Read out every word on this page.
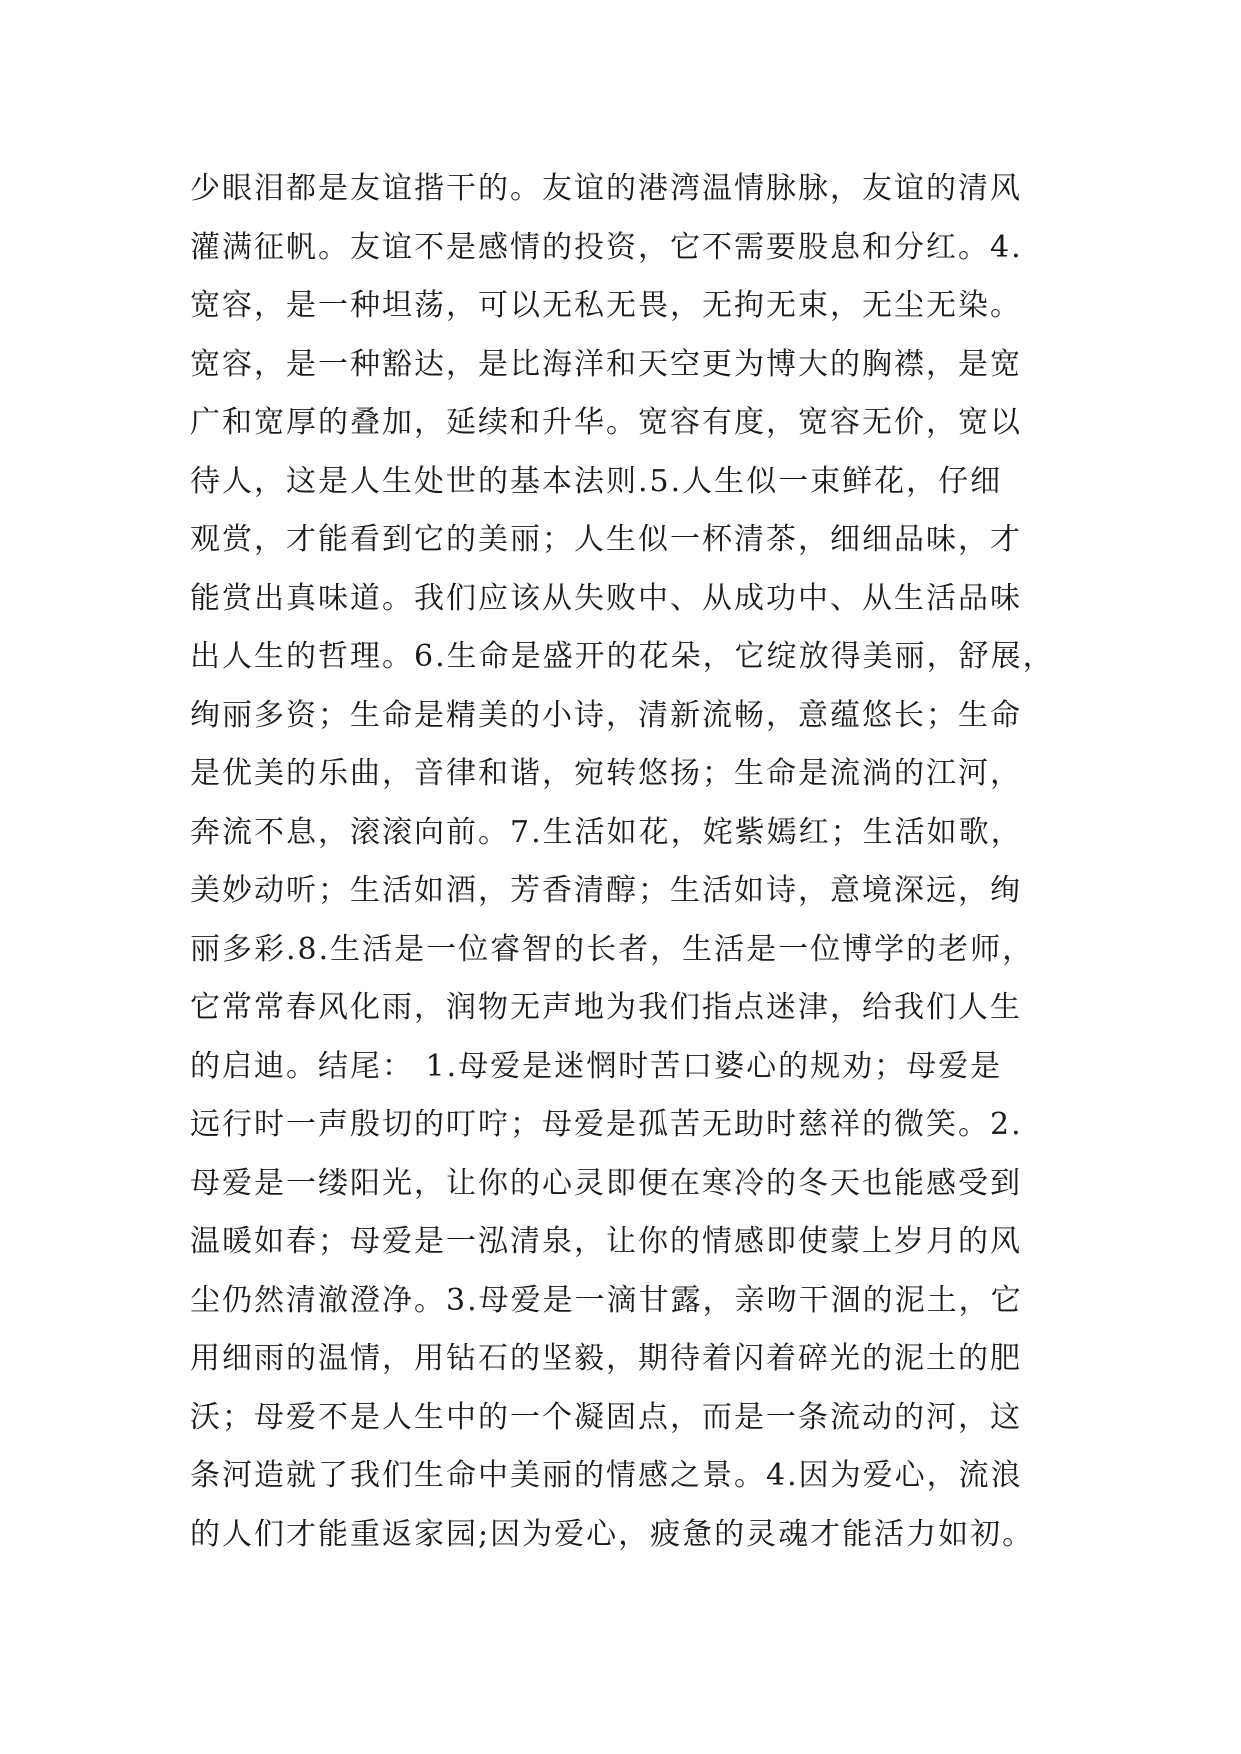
少眼泪都是友谊揩干的。友谊的港湾温情脉脉，友谊的清风
灌满征帆。友谊不是感情的投资，它不需要股息和分红。4.
宽容，是一种坦荡，可以无私无畏，无拘无束，无尘无染。
宽容，是一种豁达，是比海洋和天空更为博大的胸襟，是宽
广和宽厚的叠加，延续和升华。宽容有度，宽容无价，宽以
待人，这是人生处世的基本法则.5.人生似一束鲜花，仔细
观赏，才能看到它的美丽；人生似一杯清茶，细细品味，才
能赏出真味道。我们应该从失败中、从成功中、从生活品味
出人生的哲理。6.生命是盛开的花朵，它绽放得美丽，舒展，
绚丽多资；生命是精美的小诗，清新流畅，意蕴悠长；生命
是优美的乐曲，音律和谐，宛转悠扬；生命是流淌的江河，
奔流不息，滚滚向前。7.生活如花，姹紫嫣红；生活如歌，
美妙动听；生活如酒，芳香清醇；生活如诗，意境深远，绚
丽多彩.8.生活是一位睿智的长者，生活是一位博学的老师，
它常常春风化雨，润物无声地为我们指点迷津，给我们人生
的启迪。结尾： 1.母爱是迷惘时苦口婆心的规劝；母爱是
远行时一声殷切的叮咛；母爱是孤苦无助时慈祥的微笑。2.
母爱是一缕阳光，让你的心灵即便在寒冷的冬天也能感受到
温暖如春；母爱是一泓清泉，让你的情感即使蒙上岁月的风
尘仍然清澈澄净。3.母爱是一滴甘露，亲吻干涸的泥土，它
用细雨的温情，用钻石的坚毅，期待着闪着碎光的泥土的肥
沃；母爱不是人生中的一个凝固点，而是一条流动的河，这
条河造就了我们生命中美丽的情感之景。4.因为爱心，流浪
的人们才能重返家园;因为爱心，疲惫的灵魂才能活力如初。
